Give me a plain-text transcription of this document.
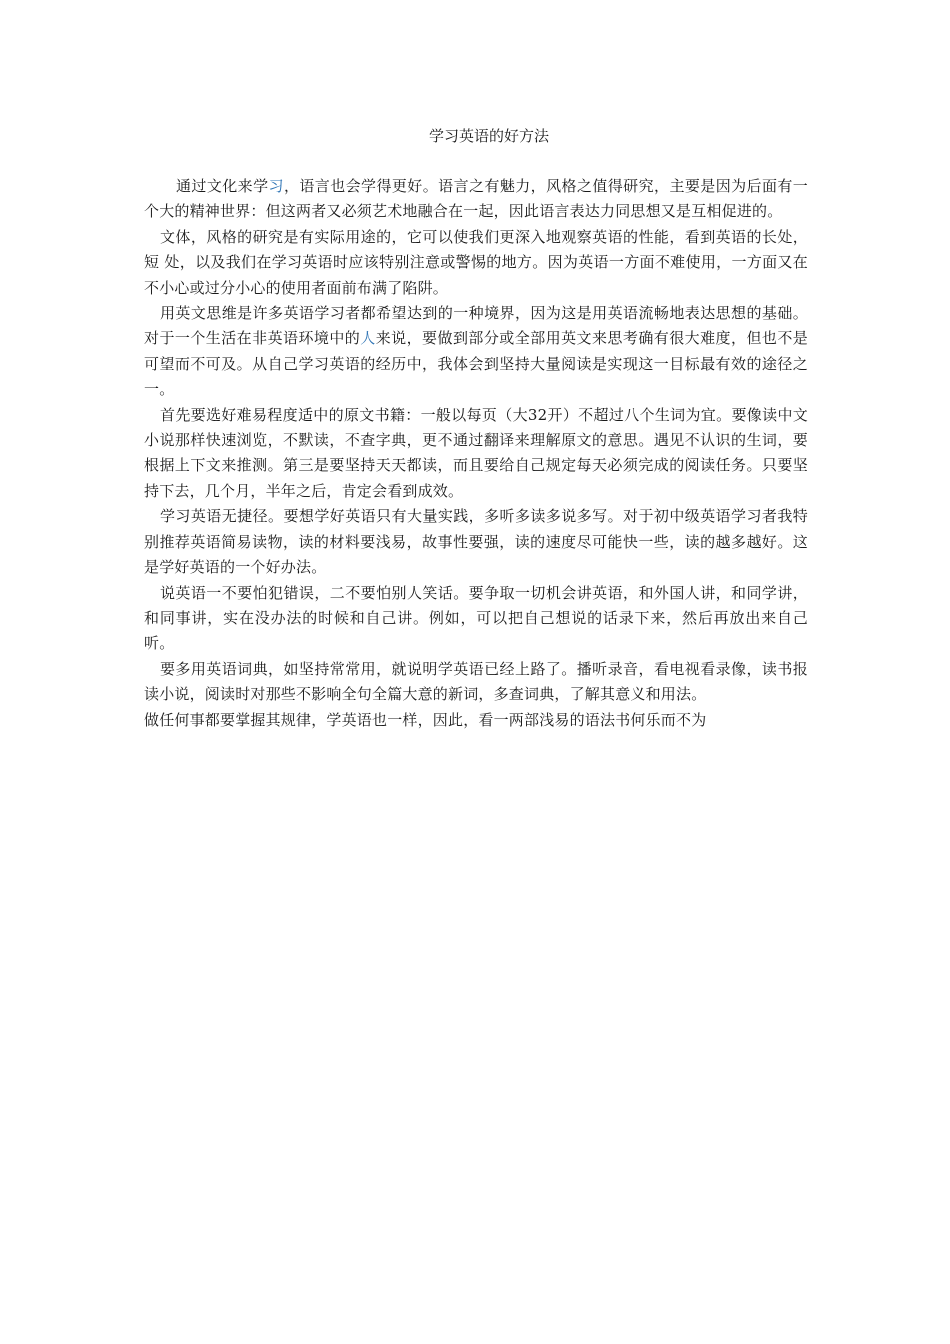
学习英语的好方法

通过文化来学习，语言也会学得更好。语言之有魅力，风格之值得研究，主要是因为后面有一个大的精神世界：但这两者又必须艺术地融合在一起，因此语言表达力同思想又是互相促进的。

文体，风格的研究是有实际用途的，它可以使我们更深入地观察英语的性能，看到英语的长处，短 处，以及我们在学习英语时应该特别注意或警惕的地方。因为英语一方面不难使用，一方面又在不小心或过分小心的使用者面前布满了陷阱。

用英文思维是许多英语学习者都希望达到的一种境界，因为这是用英语流畅地表达思想的基础。对于一个生活在非英语环境中的人来说，要做到部分或全部用英文来思考确有很大难度，但也不是可望而不可及。从自己学习英语的经历中，我体会到坚持大量阅读是实现这一目标最有效的途径之一。

首先要选好难易程度适中的原文书籍：一般以每页（大32开）不超过八个生词为宜。要像读中文小说那样快速浏览，不默读，不查字典，更不通过翻译来理解原文的意思。遇见不认识的生词，要根据上下文来推测。第三是要坚持天天都读，而且要给自己规定每天必须完成的阅读任务。只要坚持下去，几个月，半年之后，肯定会看到成效。

学习英语无捷径。要想学好英语只有大量实践，多听多读多说多写。对于初中级英语学习者我特别推荐英语简易读物，读的材料要浅易，故事性要强，读的速度尽可能快一些，读的越多越好。这是学好英语的一个好办法。

说英语一不要怕犯错误，二不要怕别人笑话。要争取一切机会讲英语，和外国人讲，和同学讲，和同事讲，实在没办法的时候和自己讲。例如，可以把自己想说的话录下来，然后再放出来自己听。

要多用英语词典，如坚持常常用，就说明学英语已经上路了。播听录音，看电视看录像，读书报读小说，阅读时对那些不影响全句全篇大意的新词，多查词典，了解其意义和用法。

做任何事都要掌握其规律，学英语也一样，因此，看一两部浅易的语法书何乐而不为
